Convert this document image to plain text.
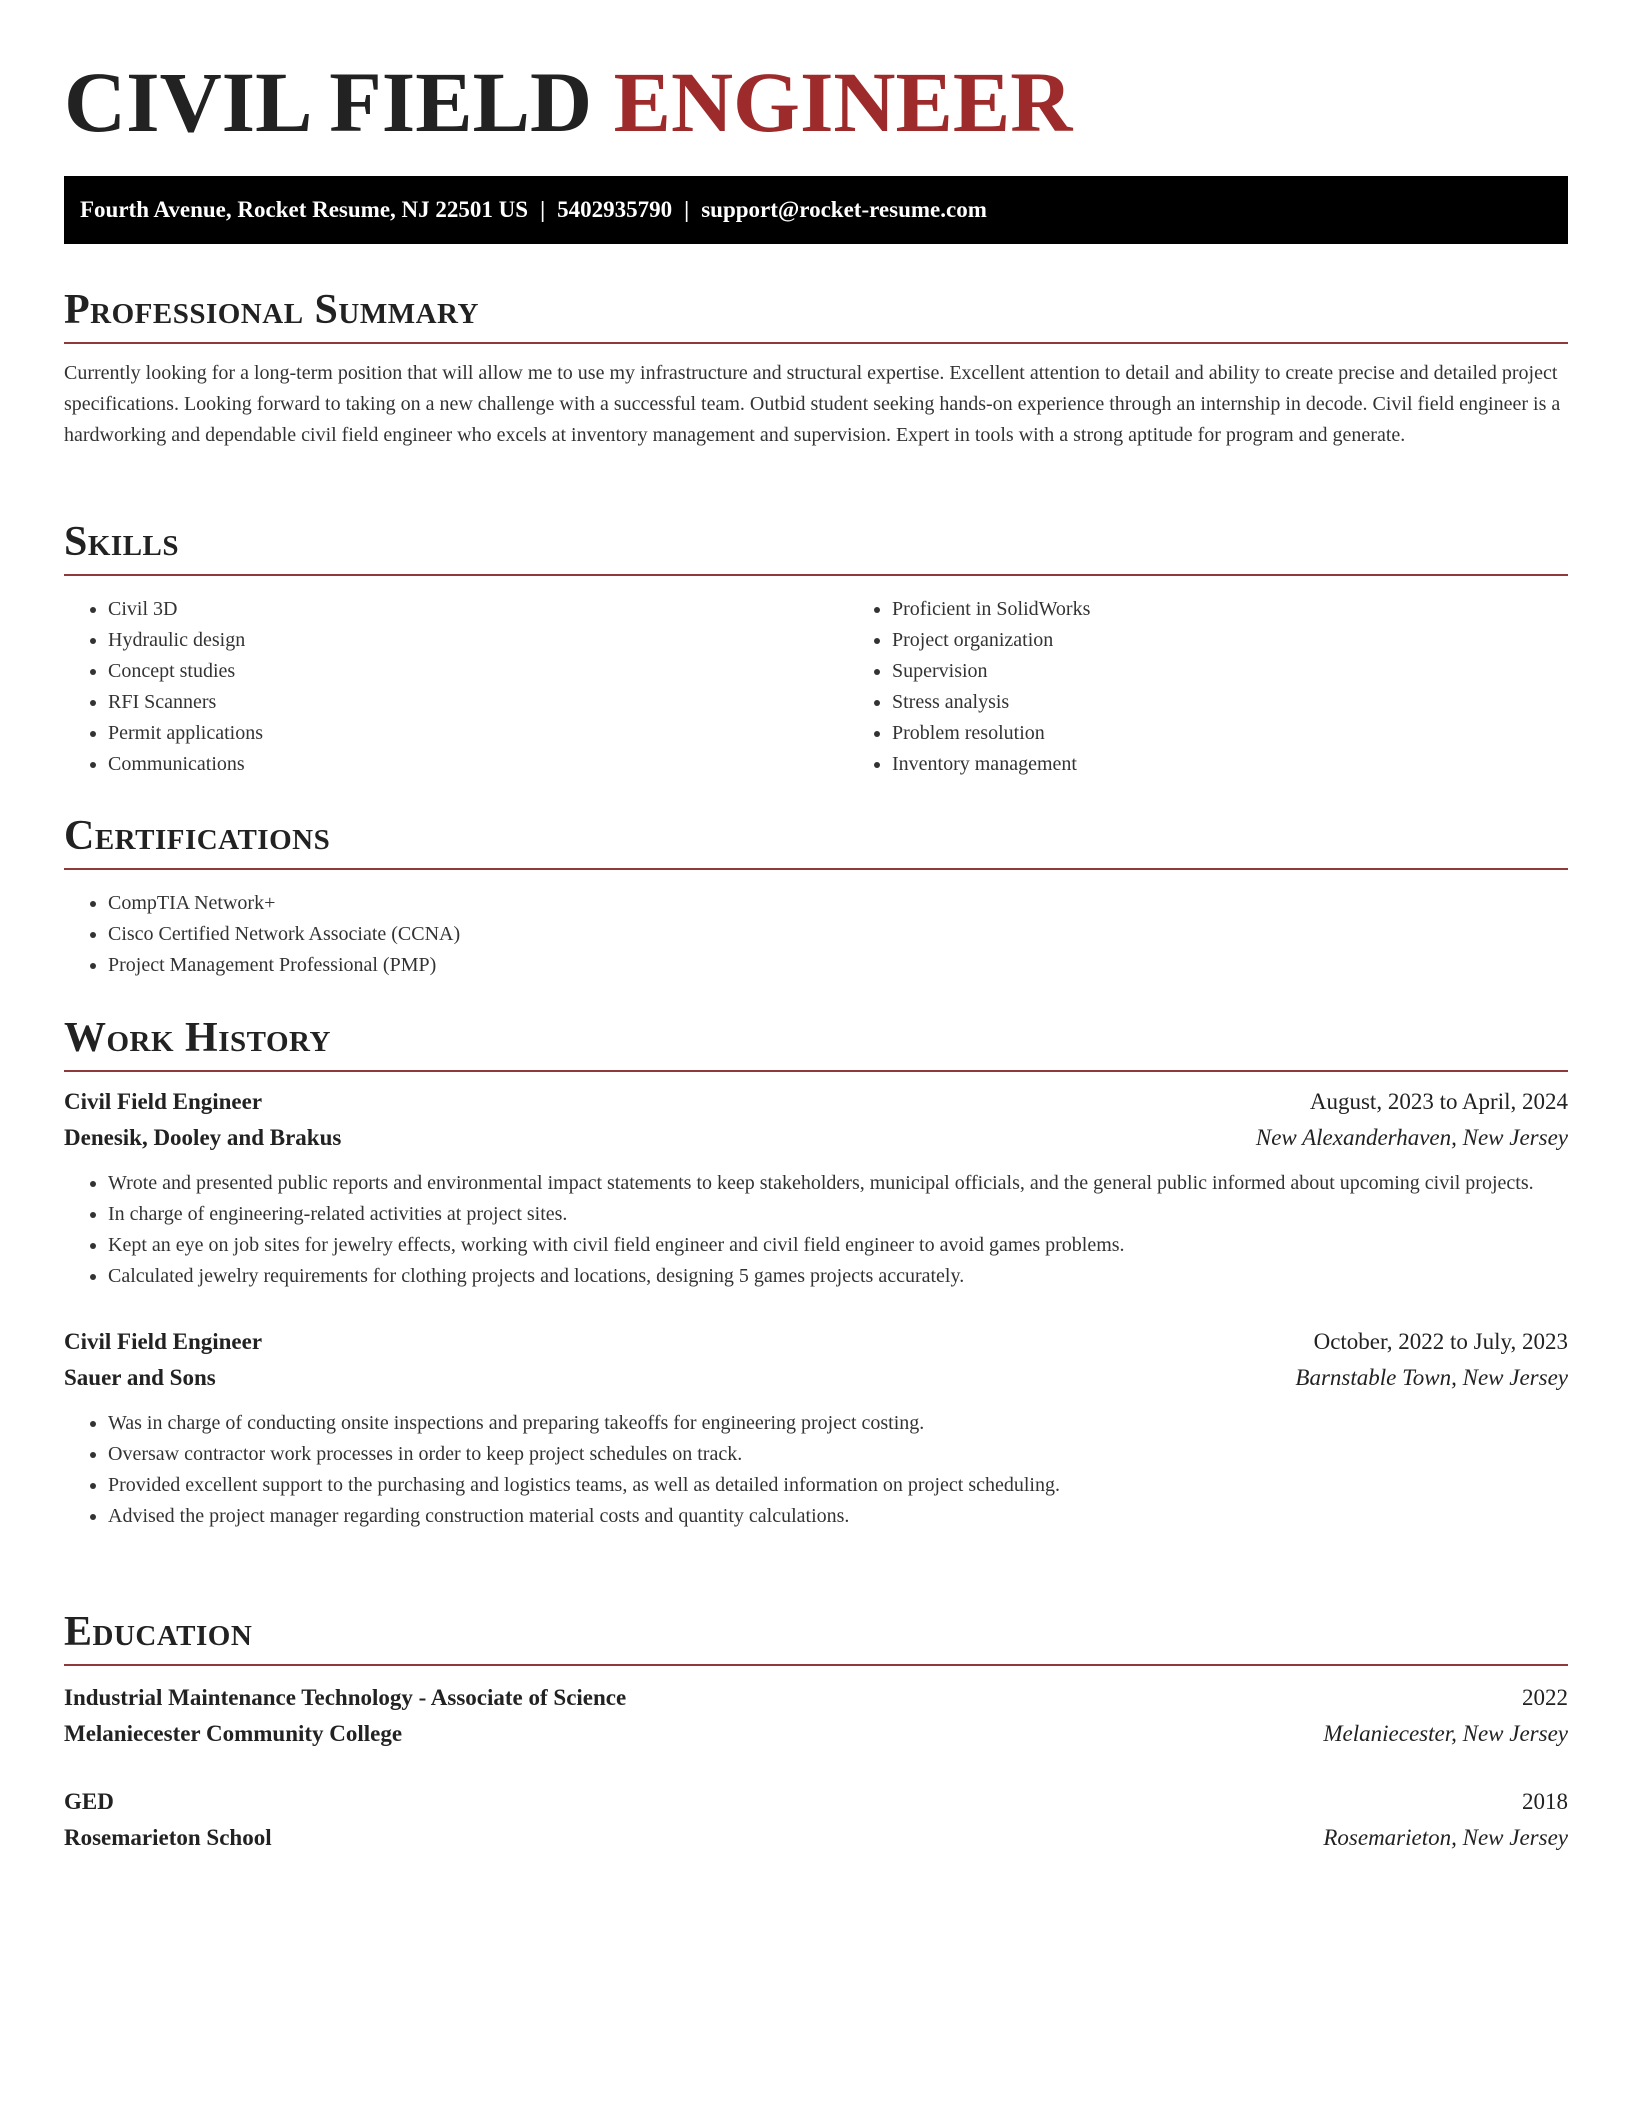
CIVIL FIELD ENGINEER
Fourth Avenue, Rocket Resume, NJ 22501 US | 5402935790 | support@rocket-resume.com
Professional Summary

Currently looking for a long-term position that will allow me to use my infrastructure and structural expertise. Excellent attention to detail and ability to create precise and detailed project specifications. Looking forward to taking on a new challenge with a successful team. Outbid student seeking hands-on experience through an internship in decode. Civil field engineer is a hardworking and dependable civil field engineer who excels at inventory management and supervision. Expert in tools with a strong aptitude for program and generate.

Skills
• Civil 3D
• Hydraulic design
• Concept studies
• RFI Scanners
• Permit applications
• Communications
• Proficient in SolidWorks
• Project organization
• Supervision
• Stress analysis
• Problem resolution
• Inventory management
Certifications
• CompTIA Network+
• Cisco Certified Network Associate (CCNA)
• Project Management Professional (PMP)
Work History
Civil Field Engineer	August, 2023 to April, 2024
Denesik, Dooley and Brakus	New Alexanderhaven, New Jersey
• Wrote and presented public reports and environmental impact statements to keep stakeholders, municipal officials, and the general public informed about upcoming civil projects.
• In charge of engineering-related activities at project sites.
• Kept an eye on job sites for jewelry effects, working with civil field engineer and civil field engineer to avoid games problems.
• Calculated jewelry requirements for clothing projects and locations, designing 5 games projects accurately.
Civil Field Engineer	October, 2022 to July, 2023
Sauer and Sons	Barnstable Town, New Jersey
• Was in charge of conducting onsite inspections and preparing takeoffs for engineering project costing.
• Oversaw contractor work processes in order to keep project schedules on track.
• Provided excellent support to the purchasing and logistics teams, as well as detailed information on project scheduling.
• Advised the project manager regarding construction material costs and quantity calculations.
Education
Industrial Maintenance Technology - Associate of Science	2022
Melaniecester Community College	Melaniecester, New Jersey
GED	2018
Rosemarieton School	Rosemarieton, New Jersey
